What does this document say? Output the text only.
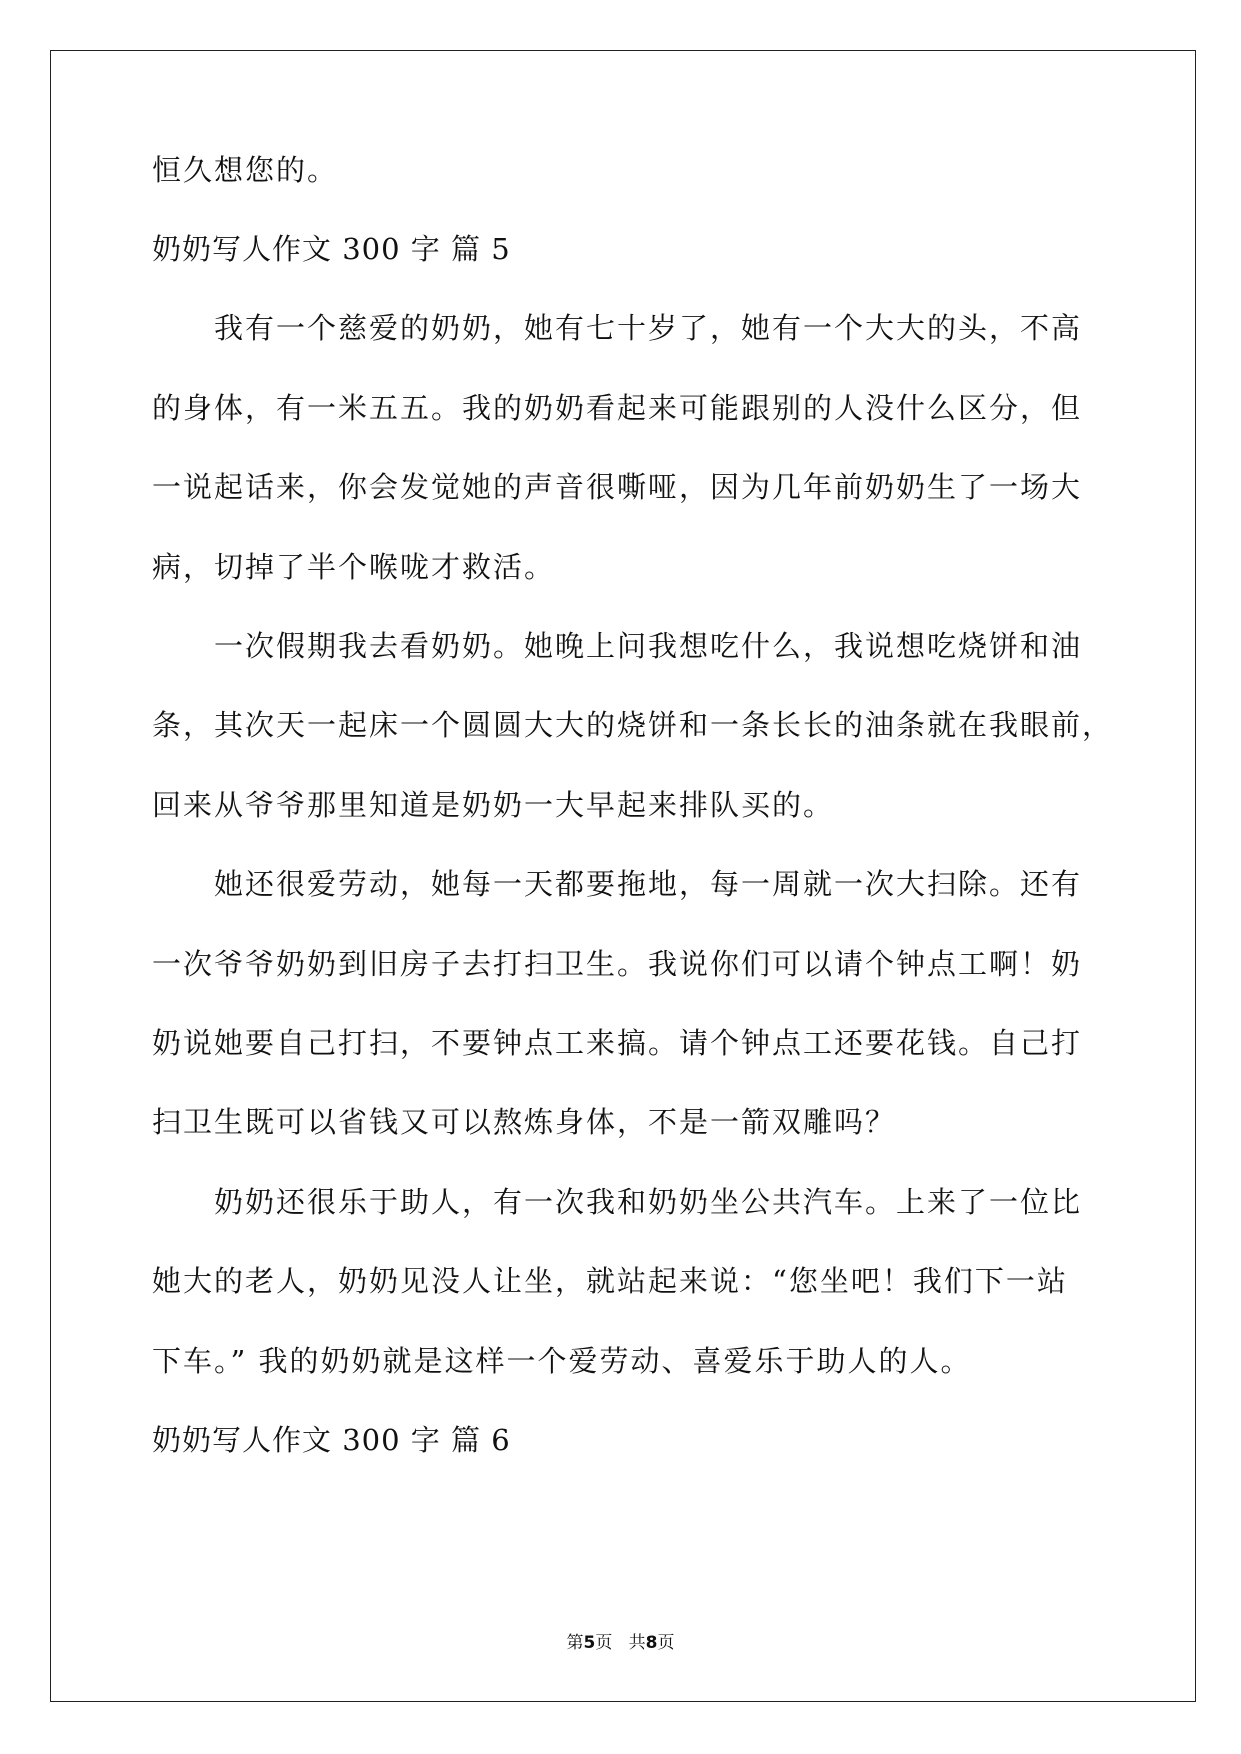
恒久想您的。
奶奶写人作文 300 字 篇 5
我有一个慈爱的奶奶，她有七十岁了，她有一个大大的头，不高
的身体，有一米五五。我的奶奶看起来可能跟别的人没什么区分，但
一说起话来，你会发觉她的声音很嘶哑，因为几年前奶奶生了一场大
病，切掉了半个喉咙才救活。
一次假期我去看奶奶。她晚上问我想吃什么，我说想吃烧饼和油
条，其次天一起床一个圆圆大大的烧饼和一条长长的油条就在我眼前，
回来从爷爷那里知道是奶奶一大早起来排队买的。
她还很爱劳动，她每一天都要拖地，每一周就一次大扫除。还有
一次爷爷奶奶到旧房子去打扫卫生。我说你们可以请个钟点工啊！奶
奶说她要自己打扫，不要钟点工来搞。请个钟点工还要花钱。自己打
扫卫生既可以省钱又可以熬炼身体，不是一箭双雕吗？
奶奶还很乐于助人，有一次我和奶奶坐公共汽车。上来了一位比
她大的老人，奶奶见没人让坐，就站起来说：“您坐吧！我们下一站
下车。” 我的奶奶就是这样一个爱劳动、喜爱乐于助人的人。
奶奶写人作文 300 字 篇 6
第5页   共8页
